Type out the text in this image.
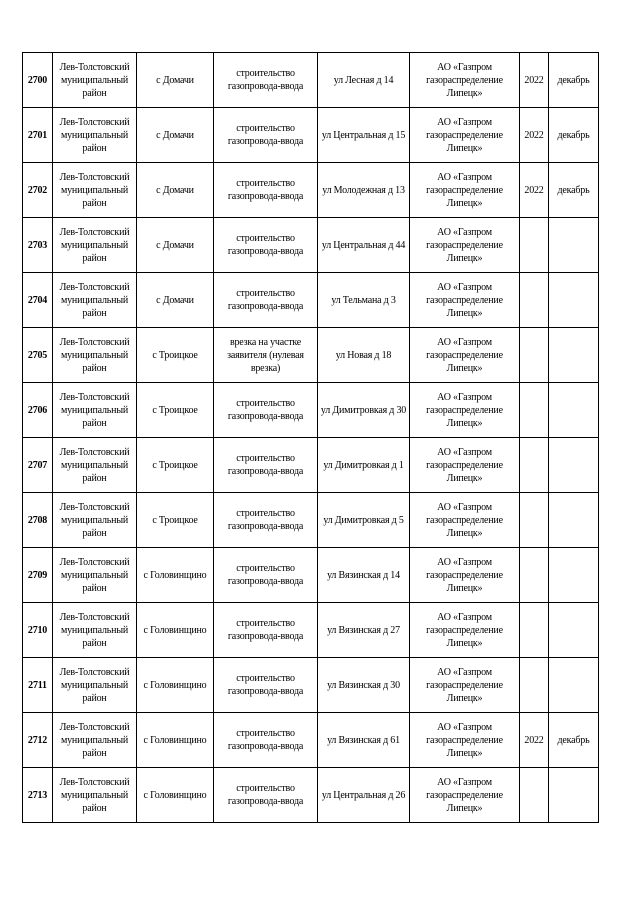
2700	Лев-Толстовский муниципальный район	с Домачи	строительство газопровода-ввода	ул Лесная д 14	АО «Газпром газораспределение Липецк»	2022	декабрь
2701	Лев-Толстовский муниципальный район	с Домачи	строительство газопровода-ввода	ул Центральная д 15	АО «Газпром газораспределение Липецк»	2022	декабрь
2702	Лев-Толстовский муниципальный район	с Домачи	строительство газопровода-ввода	ул Молодежная д 13	АО «Газпром газораспределение Липецк»	2022	декабрь
2703	Лев-Толстовский муниципальный район	с Домачи	строительство газопровода-ввода	ул Центральная д 44	АО «Газпром газораспределение Липецк»		
2704	Лев-Толстовский муниципальный район	с Домачи	строительство газопровода-ввода	ул Тельмана д 3	АО «Газпром газораспределение Липецк»		
2705	Лев-Толстовский муниципальный район	с Троицкое	врезка на участке заявителя (нулевая врезка)	ул Новая д 18	АО «Газпром газораспределение Липецк»		
2706	Лев-Толстовский муниципальный район	с Троицкое	строительство газопровода-ввода	ул Димитровкая д 30	АО «Газпром газораспределение Липецк»		
2707	Лев-Толстовский муниципальный район	с Троицкое	строительство газопровода-ввода	ул Димитровкая д 1	АО «Газпром газораспределение Липецк»		
2708	Лев-Толстовский муниципальный район	с Троицкое	строительство газопровода-ввода	ул Димитровкая д 5	АО «Газпром газораспределение Липецк»		
2709	Лев-Толстовский муниципальный район	с Головинщино	строительство газопровода-ввода	ул Вязинская д 14	АО «Газпром газораспределение Липецк»		
2710	Лев-Толстовский муниципальный район	с Головинщино	строительство газопровода-ввода	ул Вязинская д 27	АО «Газпром газораспределение Липецк»		
2711	Лев-Толстовский муниципальный район	с Головинщино	строительство газопровода-ввода	ул Вязинская д 30	АО «Газпром газораспределение Липецк»		
2712	Лев-Толстовский муниципальный район	с Головинщино	строительство газопровода-ввода	ул Вязинская д 61	АО «Газпром газораспределение Липецк»	2022	декабрь
2713	Лев-Толстовский муниципальный район	с Головинщино	строительство газопровода-ввода	ул Центральная д 26	АО «Газпром газораспределение Липецк»		
